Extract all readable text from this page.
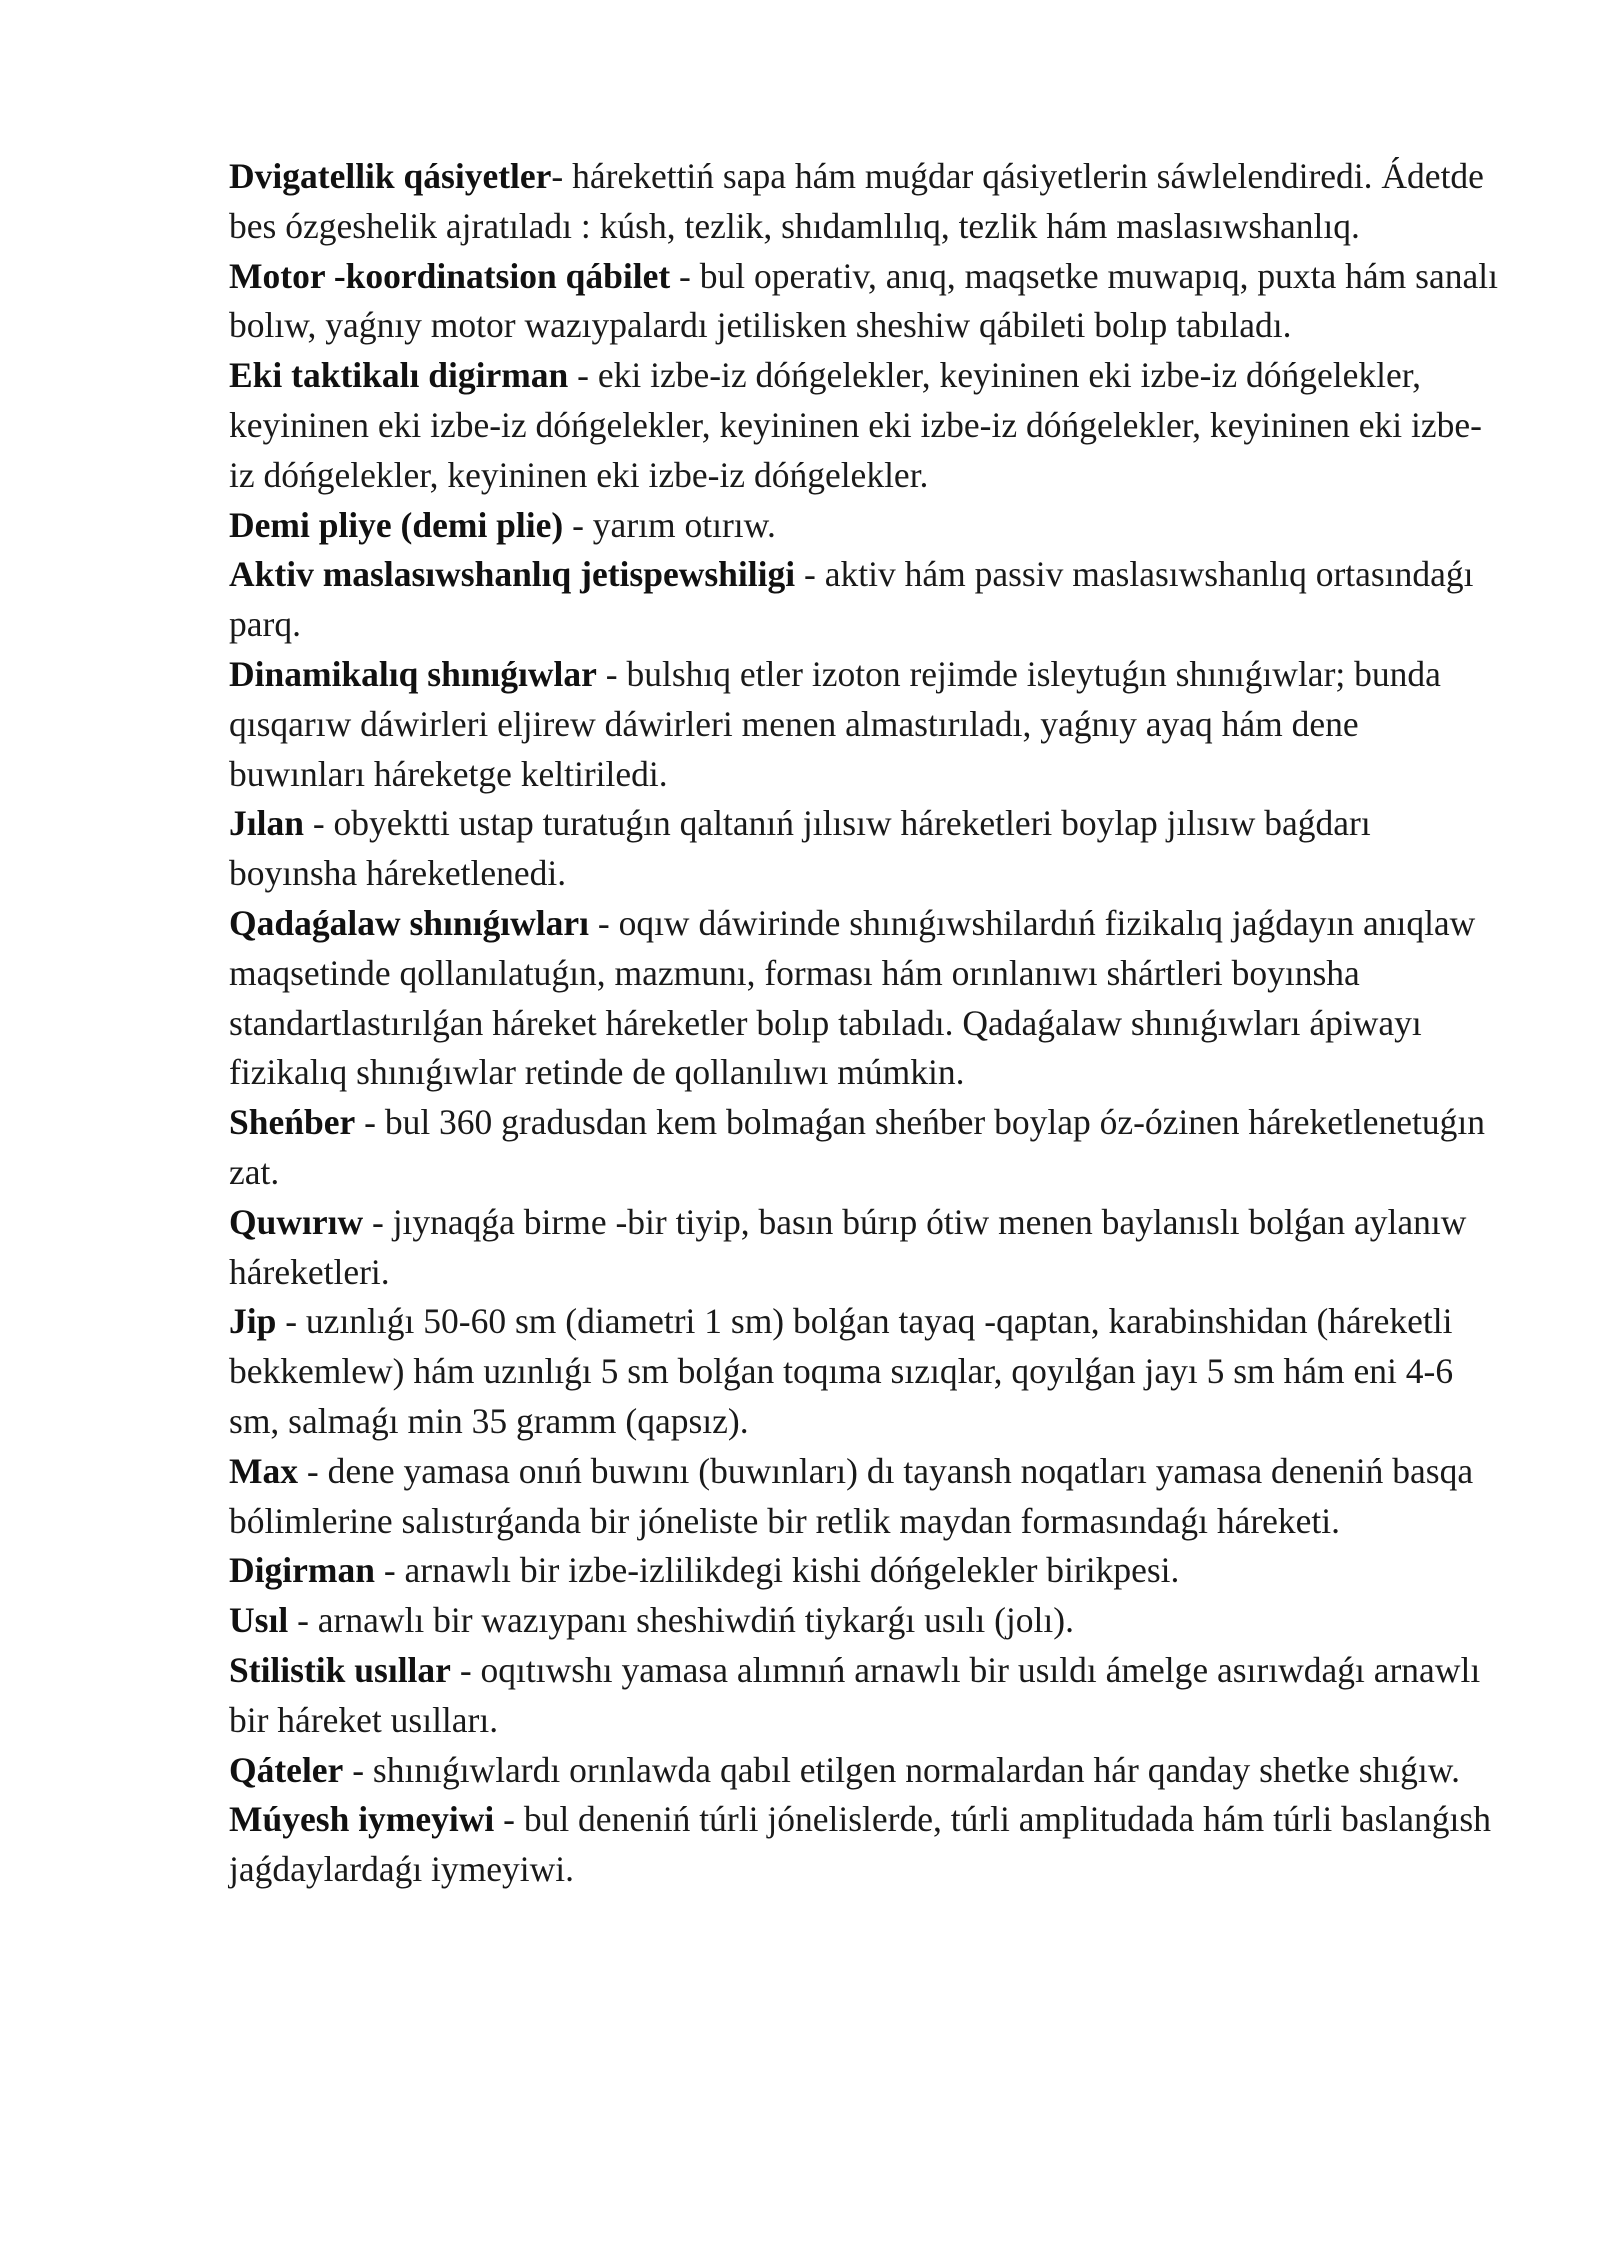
Dvigatellik qásiyetler- hárekettiń sapa hám muǵdar qásiyetlerin sáwlelendiredi. Ádetde bes ózgeshelik ajratıladı : kúsh, tezlik, shıdamlılıq, tezlik hám maslasıwshanlıq.

Motor -koordinatsion qábilet - bul operativ, anıq, maqsetke muwapıq, puxta hám sanalı bolıw, yaǵnıy motor wazıypalardı jetilisken sheshiw qábileti bolıp tabıladı.

Eki taktikalı digirman - eki izbe-iz dóńgelekler, keyininen eki izbe-iz dóńgelekler, keyininen eki izbe-iz dóńgelekler, keyininen eki izbe-iz dóńgelekler, keyininen eki izbe-iz dóńgelekler, keyininen eki izbe-iz dóńgelekler.

Demi pliye (demi plie) - yarım otırıw.

Aktiv maslasıwshanlıq jetispewshiligi - aktiv hám passiv maslasıwshanlıq ortasındaǵı parq.

Dinamikalıq shınıǵıwlar - bulshıq etler izoton rejimde isleytuǵın shınıǵıwlar; bunda qısqarıw dáwirleri eljirew dáwirleri menen almastırıladı, yaǵnıy ayaq hám dene buwınları háreketge keltiriledi.

Jılan - obyektti ustap turatuǵın qaltanıń jılısıw háreketleri boylap jılısıw baǵdarı boyınsha háreketlenedi.

Qadaǵalaw shınıǵıwları - oqıw dáwirinde shınıǵıwshilardıń fizikalıq jaǵdayın anıqlaw maqsetinde qollanılatuǵın, mazmunı, forması hám orınlanıwı shártleri boyınsha standartlastırılǵan háreket háreketler bolıp tabıladı. Qadaǵalaw shınıǵıwları ápiwayı fizikalıq shınıǵıwlar retinde de qollanılıwı múmkin.

Sheńber - bul 360 gradusdan kem bolmaǵan sheńber boylap óz-ózinen háreketlenetuǵın zat.

Quwırıw - jıynaqǵa birme -bir tiyip, basın búrıp ótiw menen baylanıslı bolǵan aylanıw háreketleri.

Jip - uzınlıǵı 50-60 sm (diametri 1 sm) bolǵan tayaq -qaptan, karabinshidan (háreketli bekkemlew) hám uzınlıǵı 5 sm bolǵan toqıma sızıqlar, qoyılǵan jayı 5 sm hám eni 4-6 sm, salmaǵı min 35 gramm (qapsız).

Max - dene yamasa onıń buwını (buwınları) dı tayansh noqatları yamasa deneniń basqa bólimlerine salıstırǵanda bir jóneliste bir retlik maydan formasındaǵı háreketi.

Digirman - arnawlı bir izbe-izlilikdegi kishi dóńgelekler birikpesi.

Usıl - arnawlı bir wazıypanı sheshiwdiń tiykarǵı usılı (jolı).

Stilistik usıllar - oqıtıwshı yamasa alımnıń arnawlı bir usıldı ámelge asırıwdaǵı arnawlı bir háreket usılları.

Qáteler - shınıǵıwlardı orınlawda qabıl etilgen normalardan hár qanday shetke shıǵıw.

Múyesh iymeyiwi - bul deneniń túrli jónelislerde, túrli amplitudada hám túrli baslanǵısh jaǵdaylardaǵı iymeyiwi.
